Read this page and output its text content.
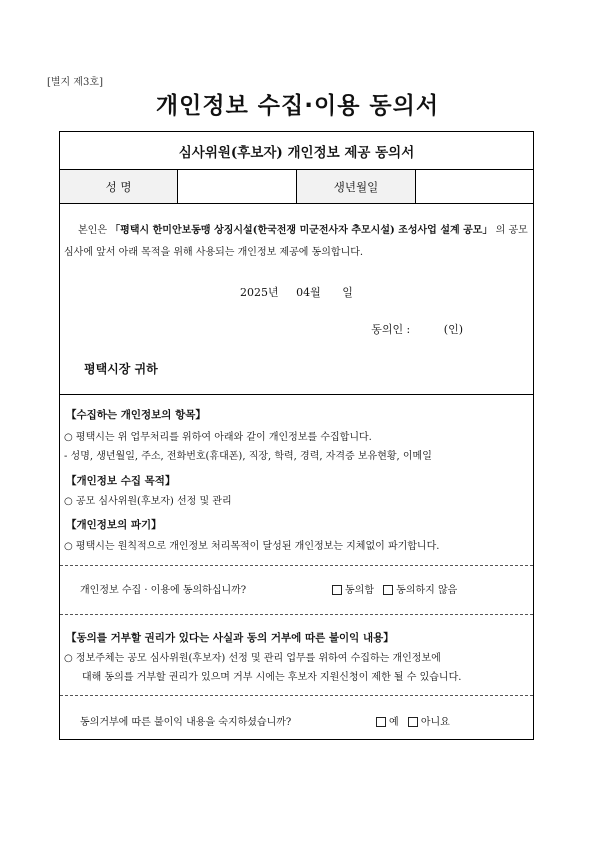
[별지 제3호]
개인정보 수집·이용 동의서
심사위원(후보자) 개인정보 제공 동의서
성 명	생년월일

본인은 「평택시 한미안보동맹 상징시설(한국전쟁 미군전사자 추모시설) 조성사업 설계 공모」 의 공모 심사에 앞서 아래 목적을 위해 사용되는 개인정보 제공에 동의합니다.

2025년 04월 일
동의인 :	(인)
평택시장 귀하
【수집하는 개인정보의 항목】
○ 평택시는 위 업무처리를 위하여 아래와 같이 개인정보를 수집합니다.
- 성명, 생년월일, 주소, 전화번호(휴대폰), 직장, 학력, 경력, 자격증 보유현황, 이메일
【개인정보 수집 목적】
○ 공모 심사위원(후보자) 선정 및 관리
【개인정보의 파기】
○ 평택시는 원칙적으로 개인정보 처리목적이 달성된 개인정보는 지체없이 파기합니다.
개인정보 수집 · 이용에 동의하십니까?	동의함 동의하지 않음
【동의를 거부할 권리가 있다는 사실과 동의 거부에 따른 불이익 내용】
○ 정보주체는 공모 심사위원(후보자) 선정 및 관리 업무를 위하여 수집하는 개인정보에
대해 동의를 거부할 권리가 있으며 거부 시에는 후보자 지원신청이 제한 될 수 있습니다.
동의거부에 따른 불이익 내용을 숙지하셨습니까?	예 아니요
